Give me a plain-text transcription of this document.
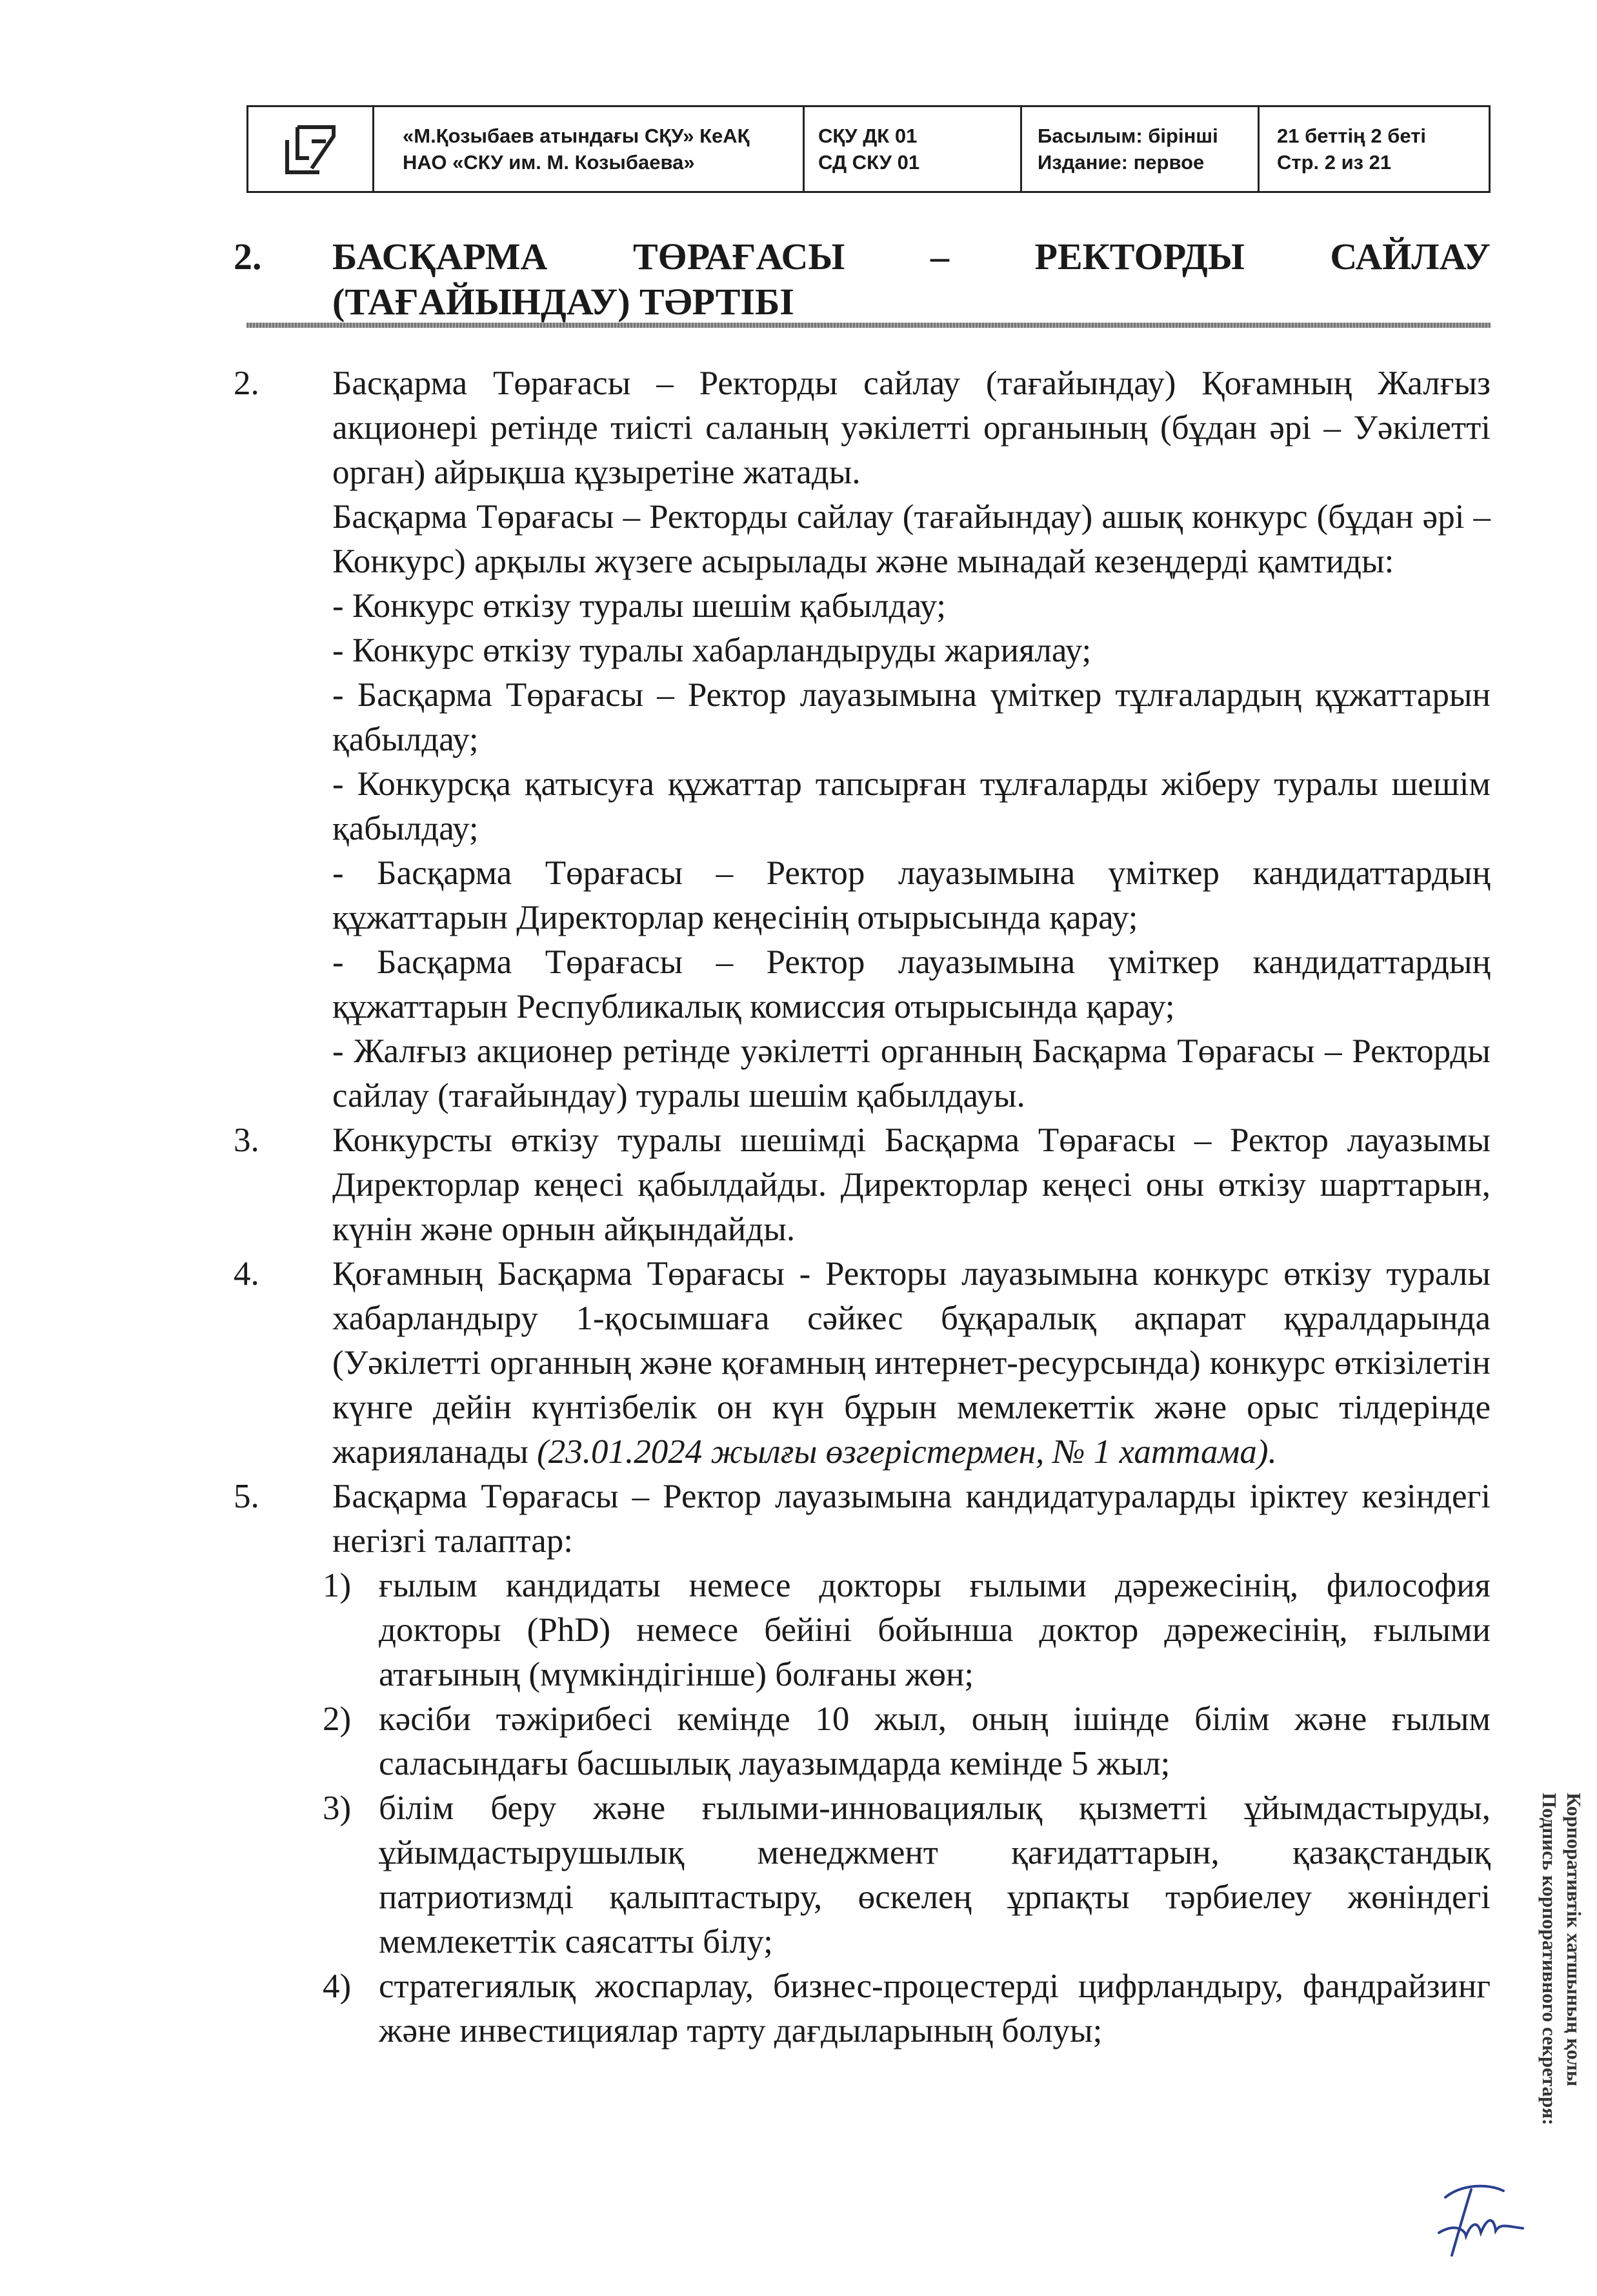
«М.Қозыбаев атындағы СҚУ» КеАҚ
НАО «СКУ им. М. Козыбаева»
СҚУ ДК 01
СД СКУ 01
Басылым: бірінші
Издание: первое
21 беттің 2 беті
Стр. 2 из 21
2. БАСҚАРМА ТӨРАҒАСЫ – РЕКТОРДЫ САЙЛАУ
(ТАҒАЙЫНДАУ) ТӘРТІБІ
2. Басқарма Төрағасы – Ректорды сайлау (тағайындау) Қоғамның Жалғыз акционері ретінде тиісті саланың уәкілетті органының (бұдан әрі – Уәкілетті орган) айрықша құзыретіне жатады.
Басқарма Төрағасы – Ректорды сайлау (тағайындау) ашық конкурс (бұдан әрі – Конкурс) арқылы жүзеге асырылады және мынадай кезеңдерді қамтиды:
- Конкурс өткізу туралы шешім қабылдау;
- Конкурс өткізу туралы хабарландыруды жариялау;
- Басқарма Төрағасы – Ректор лауазымына үміткер тұлғалардың құжаттарын қабылдау;
- Конкурсқа қатысуға құжаттар тапсырған тұлғаларды жіберу туралы шешім қабылдау;
- Басқарма Төрағасы – Ректор лауазымына үміткер кандидаттардың құжаттарын Директорлар кеңесінің отырысында қарау;
- Басқарма Төрағасы – Ректор лауазымына үміткер кандидаттардың құжаттарын Республикалық комиссия отырысында қарау;
- Жалғыз акционер ретінде уәкілетті органның Басқарма Төрағасы – Ректорды сайлау (тағайындау) туралы шешім қабылдауы.
3. Конкурсты өткізу туралы шешімді Басқарма Төрағасы – Ректор лауазымы Директорлар кеңесі қабылдайды. Директорлар кеңесі оны өткізу шарттарын, күнін және орнын айқындайды.
4. Қоғамның Басқарма Төрағасы - Ректоры лауазымына конкурс өткізу туралы хабарландыру 1-қосымшаға сәйкес бұқаралық ақпарат құралдарында (Уәкілетті органның және қоғамның интернет-ресурсында) конкурс өткізілетін күнге дейін күнтізбелік он күн бұрын мемлекеттік және орыс тілдерінде жарияланады (23.01.2024 жылғы өзгерістермен, № 1 хаттама).
5. Басқарма Төрағасы – Ректор лауазымына кандидатураларды іріктеу кезіндегі негізгі талаптар:
1) ғылым кандидаты немесе докторы ғылыми дәрежесінің, философия докторы (PhD) немесе бейіні бойынша доктор дәрежесінің, ғылыми атағының (мүмкіндігінше) болғаны жөн;
2) кәсіби тәжірибесі кемінде 10 жыл, оның ішінде білім және ғылым саласындағы басшылық лауазымдарда кемінде 5 жыл;
3) білім беру және ғылыми-инновациялық қызметті ұйымдастыруды, ұйымдастырушылық менеджмент қағидаттарын, қазақстандық патриотизмді қалыптастыру, өскелең ұрпақты тәрбиелеу жөніндегі мемлекеттік саясатты білу;
4) стратегиялық жоспарлау, бизнес-процестерді цифрландыру, фандрайзинг және инвестициялар тарту дағдыларының болуы;	Корпоративтік хатшының қолы
Подпись корпоративного секретаря:
